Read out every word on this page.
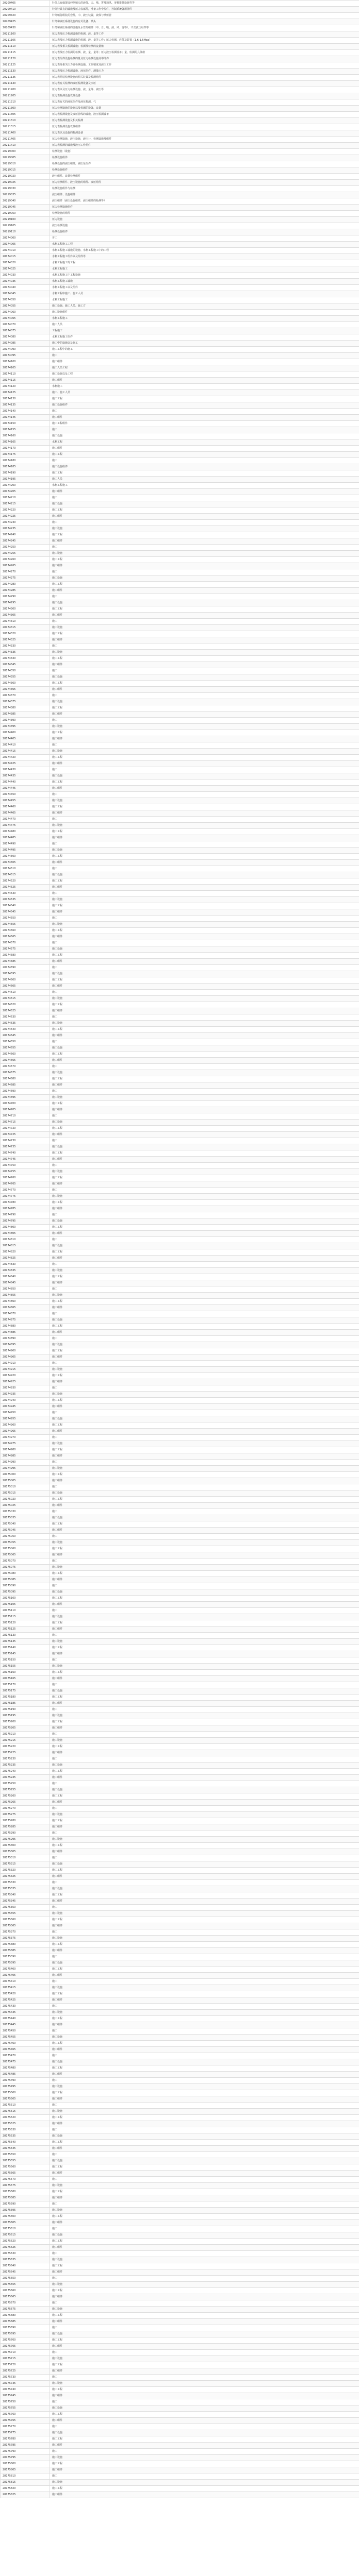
20209405	针筒具有偏置或伸缩喷头的液体、天、喷、雾及通风、审核排除设施等等
20209410	针筒针具有的设施及压力表部件，准备工作中控件，控制系统备用器件
20209420	针筒喷射组装的套件，中、液压装置，液体与喷射管
20209425	针筒和液压系统设施的有关设备、喷头
20209430	针筒和液压系统的设施及水管的组件（中、自、喷、液、风、雾等）、不含液压组件等
20211100	压力表及压力检测设施的检测、液、量等工作
20211105	压力表及压力检测设施的检测、液、量等工作；压力检测、应付及装置（1.6-1.5Mpa）
20211110	压力表及相关检测设施；检测及检测的流量值
20211115	压力表及压力监测的检测、液、量、量等；压力液压检测设备；量、监测的具体值
20211120	压力表组件设施检测的量及压力检测设施及零部件
20211125	压力表及相关压力计检测设施、工作精度及液压工作
20211130	压力表及压力检测设施、液压组件、测量压力
20211135	压力表组装检测设施的相关装置及检测组件
20211140	压力表有关检测的液压检测设备及水压
20211200	压力表以及压力检测设施、液、量等、液压等
20211205	压力表检测设施以及设备
20211210	压力表有关的液压组件及液压检测、气
20211300	压力检测设施的设施以及检测的设备、流量
20211305	压力表检测设施及液压管线的设施、液压检测设备
20211310	压力表检测设施及相关检测
20211315	压力表检测设施以及组件
20211400	压力表以及设施的检测设备
20211405	压力检测设施、液压设施，液压计，检测设施及组件
20211410	压力表检测的设施及液压工作组件
20219000	检测设施（设施）
20219005	检测设施组件
20219010	检测设施的液压组件，液压泵组件
20219015	检测设施组件
20219020	液压组件、流量检测组件
20219025	压力检测组件、液压设施的组件、液压组件
20219030	检测设施组件与检测
20219035	液压组件、设施组件
20219040	液压组件（液压设施组件，液压组件的检测等）
20219045	压力检测设施组件
20219050	检测设施的组件
20219100	压力设施
20219105	液压检测设施
20219110	检测设施组件
28174000	普工
28174005	水利工程施工工程
28174010	水利工程施工设施的设施、水利工程施工中的工程
28174015	水利工程施工组件以及组件等
28174020	水利工程施工的工程
28174025	水利工程施工
28174030	水利工程施工中工程设施
28174035	水利工程施工设施
28174040	水利工程施工以及组件
28174045	水利工程中施工、施工人员
28174050	水利工程施工
28174055	施工设施、施工人员、施工方
28174060	施工设施组件
28174065	水利工程施工
28174070	施工人员
28174075	工程施工
28174080	水利工程施工组件
28174085	施工中的设施以及施工
28174090	施工工程中的施工
28174095	施工
28174100	施工组件
28174105	施工人员工程
28174110	施工设施以及工程
28174115	施工组件
28174120	水利施工
28174125	施工、施工人员
28174130	施工工程
28174135	施工设施组件
28174140	施工
28174145	施工组件
28174150	施工工程组件
28174155	施工
28174160	施工设施
28174165	水利工程
28174170	施工组件
28174175	施工工程
28174180	施工
28174185	施工设施组件
28174190	施工工程
28174195	施工人员
28174200	水利工程施工
28174205	施工组件
28174210	施工
28174215	施工设施
28174220	施工工程
28174225	施工组件
28174230	施工
28174235	施工设施
28174240	施工工程
28174245	施工组件
28174250	施工
28174255	施工设施
28174260	施工工程
28174265	施工组件
28174270	施工
28174275	施工设施
28174280	施工工程
28174285	施工组件
28174290	施工
28174295	施工设施
28174300	施工工程
28174305	施工组件
28174310	施工
28174315	施工设施
28174320	施工工程
28174325	施工组件
28174330	施工
28174335	施工设施
28174340	施工工程
28174345	施工组件
28174350	施工
28174355	施工设施
28174360	施工工程
28174365	施工组件
28174370	施工
28174375	施工设施
28174380	施工工程
28174385	施工组件
28174390	施工
28174395	施工设施
28174400	施工工程
28174405	施工组件
28174410	施工
28174415	施工设施
28174420	施工工程
28174425	施工组件
28174430	施工
28174435	施工设施
28174440	施工工程
28174445	施工组件
28174450	施工
28174455	施工设施
28174460	施工工程
28174465	施工组件
28174470	施工
28174475	施工设施
28174480	施工工程
28174485	施工组件
28174490	施工
28174495	施工设施
28174500	施工工程
28174505	施工组件
28174510	施工
28174515	施工设施
28174520	施工工程
28174525	施工组件
28174530	施工
28174535	施工设施
28174540	施工工程
28174545	施工组件
28174550	施工
28174555	施工设施
28174560	施工工程
28174565	施工组件
28174570	施工
28174575	施工设施
28174580	施工工程
28174585	施工组件
28174590	施工
28174595	施工设施
28174600	施工工程
28174605	施工组件
28174610	施工
28174615	施工设施
28174620	施工工程
28174625	施工组件
28174630	施工
28174635	施工设施
28174640	施工工程
28174645	施工组件
28174650	施工
28174655	施工设施
28174660	施工工程
28174665	施工组件
28174670	施工
28174675	施工设施
28174680	施工工程
28174685	施工组件
28174690	施工
28174695	施工设施
28174700	施工工程
28174705	施工组件
28174710	施工
28174715	施工设施
28174720	施工工程
28174725	施工组件
28174730	施工
28174735	施工设施
28174740	施工工程
28174745	施工组件
28174750	施工
28174755	施工设施
28174760	施工工程
28174765	施工组件
28174770	施工
28174775	施工设施
28174780	施工工程
28174785	施工组件
28174790	施工
28174795	施工设施
28174800	施工工程
28174805	施工组件
28174810	施工
28174815	施工设施
28174820	施工工程
28174825	施工组件
28174830	施工
28174835	施工设施
28174840	施工工程
28174845	施工组件
28174850	施工
28174855	施工设施
28174860	施工工程
28174865	施工组件
28174870	施工
28174875	施工设施
28174880	施工工程
28174885	施工组件
28174890	施工
28174895	施工设施
28174900	施工工程
28174905	施工组件
28174910	施工
28174915	施工设施
28174920	施工工程
28174925	施工组件
28174930	施工
28174935	施工设施
28174940	施工工程
28174945	施工组件
28174950	施工
28174955	施工设施
28174960	施工工程
28174965	施工组件
28174970	施工
28174975	施工设施
28174980	施工工程
28174985	施工组件
28174990	施工
28174995	施工设施
28175000	施工工程
28175005	施工组件
28175010	施工
28175015	施工设施
28175020	施工工程
28175025	施工组件
28175030	施工
28175035	施工设施
28175040	施工工程
28175045	施工组件
28175050	施工
28175055	施工设施
28175060	施工工程
28175065	施工组件
28175070	施工
28175075	施工设施
28175080	施工工程
28175085	施工组件
28175090	施工
28175095	施工设施
28175100	施工工程
28175105	施工组件
28175110	施工
28175115	施工设施
28175120	施工工程
28175125	施工组件
28175130	施工
28175135	施工设施
28175140	施工工程
28175145	施工组件
28175150	施工
28175155	施工设施
28175160	施工工程
28175165	施工组件
28175170	施工
28175175	施工设施
28175180	施工工程
28175185	施工组件
28175190	施工
28175195	施工设施
28175200	施工工程
28175205	施工组件
28175210	施工
28175215	施工设施
28175220	施工工程
28175225	施工组件
28175230	施工
28175235	施工设施
28175240	施工工程
28175245	施工组件
28175250	施工
28175255	施工设施
28175260	施工工程
28175265	施工组件
28175270	施工
28175275	施工设施
28175280	施工工程
28175285	施工组件
28175290	施工
28175295	施工设施
28175300	施工工程
28175305	施工组件
28175310	施工
28175315	施工设施
28175320	施工工程
28175325	施工组件
28175330	施工
28175335	施工设施
28175340	施工工程
28175345	施工组件
28175350	施工
28175355	施工设施
28175360	施工工程
28175365	施工组件
28175370	施工
28175375	施工设施
28175380	施工工程
28175385	施工组件
28175390	施工
28175395	施工设施
28175400	施工工程
28175405	施工组件
28175410	施工
28175415	施工设施
28175420	施工工程
28175425	施工组件
28175430	施工
28175435	施工设施
28175440	施工工程
28175445	施工组件
28175450	施工
28175455	施工设施
28175460	施工工程
28175465	施工组件
28175470	施工
28175475	施工设施
28175480	施工工程
28175485	施工组件
28175490	施工
28175495	施工设施
28175500	施工工程
28175505	施工组件
28175510	施工
28175515	施工设施
28175520	施工工程
28175525	施工组件
28175530	施工
28175535	施工设施
28175540	施工工程
28175545	施工组件
28175550	施工
28175555	施工设施
28175560	施工工程
28175565	施工组件
28175570	施工
28175575	施工设施
28175580	施工工程
28175585	施工组件
28175590	施工
28175595	施工设施
28175600	施工工程
28175605	施工组件
28175610	施工
28175615	施工设施
28175620	施工工程
28175625	施工组件
28175630	施工
28175635	施工设施
28175640	施工工程
28175645	施工组件
28175650	施工
28175655	施工设施
28175660	施工工程
28175665	施工组件
28175670	施工
28175675	施工设施
28175680	施工工程
28175685	施工组件
28175690	施工
28175695	施工设施
28175700	施工工程
28175705	施工组件
28175710	施工
28175715	施工设施
28175720	施工工程
28175725	施工组件
28175730	施工
28175735	施工设施
28175740	施工工程
28175745	施工组件
28175750	施工
28175755	施工设施
28175760	施工工程
28175765	施工组件
28175770	施工
28175775	施工设施
28175780	施工工程
28175785	施工组件
28175790	施工
28175795	施工设施
28175800	施工工程
28175805	施工组件
28175810	施工
28175815	施工设施
28175820	施工工程
28175825	施工组件
